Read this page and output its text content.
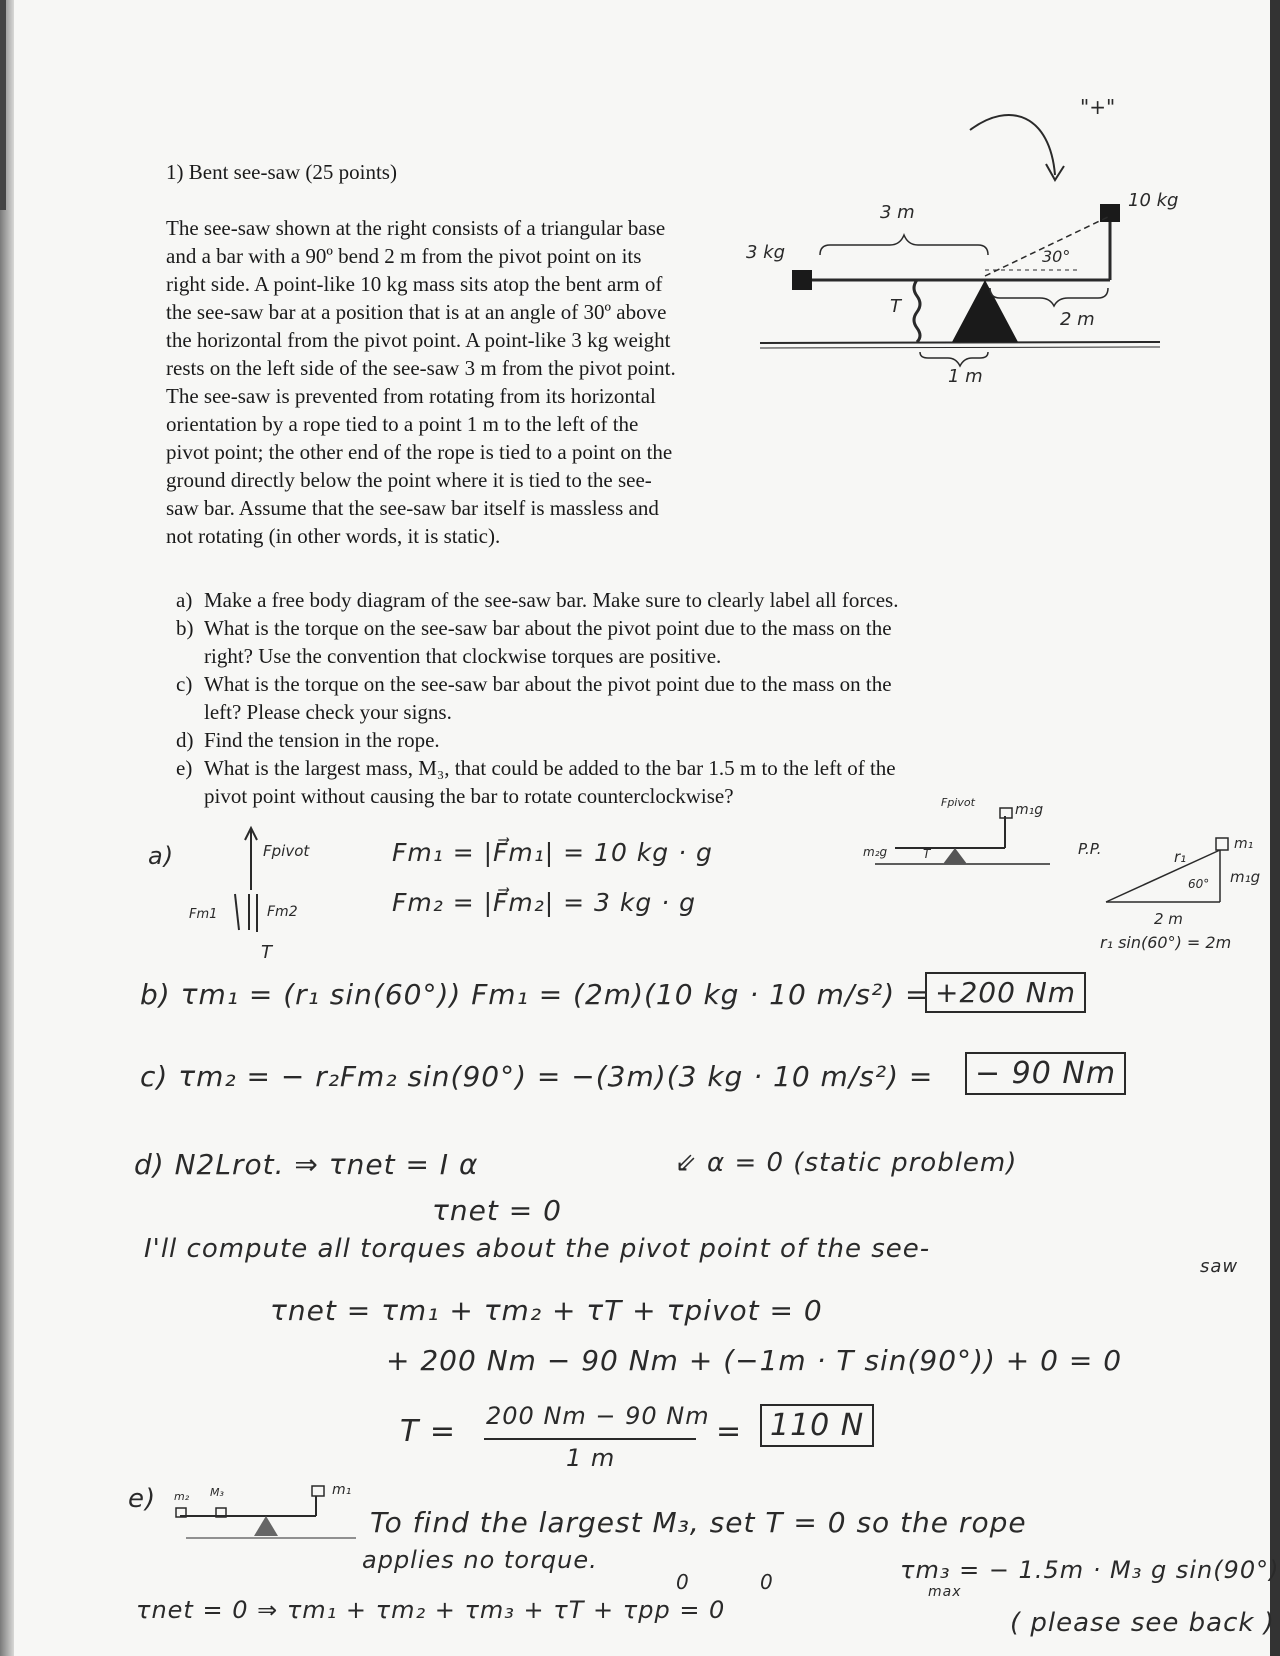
1) Bent see-saw (25 points)

The see-saw shown at the right consists of a triangular base
and a bar with a 90º bend 2 m from the pivot point on its
right side. A point-like 10 kg mass sits atop the bent arm of
the see-saw bar at a position that is at an angle of 30º above
the horizontal from the pivot point. A point-like 3 kg weight
rests on the left side of the see-saw 3 m from the pivot point.
The see-saw is prevented from rotating from its horizontal
orientation by a rope tied to a point 1 m to the left of the
pivot point; the other end of the rope is tied to a point on the
ground directly below the point where it is tied to the see-
saw bar. Assume that the see-saw bar itself is massless and
not rotating (in other words, it is static).

a) Make a free body diagram of the see-saw bar. Make sure to clearly label all forces.
b) What is the torque on the see-saw bar about the pivot point due to the mass on the
right? Use the convention that clockwise torques are positive.
c) What is the torque on the see-saw bar about the pivot point due to the mass on the
left? Please check your signs.
d) Find the tension in the rope.
e) What is the largest mass, M₃, that could be added to the bar 1.5 m to the left of the
pivot point without causing the bar to rotate counterclockwise?
"+"
3 kg
10 kg
3 m
30°
2 m
T
1 m
a)	Fpivot
Fm1	Fm2
T
Fm₁ = |F⃗m₁| = 10 kg · g
Fm₂ = |F⃗m₂| = 3 kg · g
Fpivot	m₁g
m₂g	T	P.P.	r₁
m₁
60° m₁g
2 m
r₁ sin(60°) = 2m
b) τm₁ = (r₁ sin(60°)) Fm₁ = (2m)(10 kg · 10 m/s²) = +200 Nm
c) τm₂ = − r₂Fm₂ sin(90°) = −(3m)(3 kg · 10 m/s²) =	− 90 Nm
d) N2Lrot. ⇒ τnet = I α	⇙ α = 0 (static problem)
τnet = 0
I'll compute all torques about the pivot point of the see-
saw
τnet = τm₁ + τm₂ + τT + τpivot = 0
+ 200 Nm − 90 Nm + (−1m · T sin(90°)) + 0 = 0
T = 200 Nm − 90 Nm
1 m
= 110 N
e) m₂ M₃	m₁
To find the largest M₃, set T = 0 so the rope
applies no torque.	τm₃ = − 1.5m · M₃ g sin(90°)
max
0	0
τnet = 0 ⇒ τm₁ + τm₂ + τm₃ + τT + τpp = 0	( please see back )
